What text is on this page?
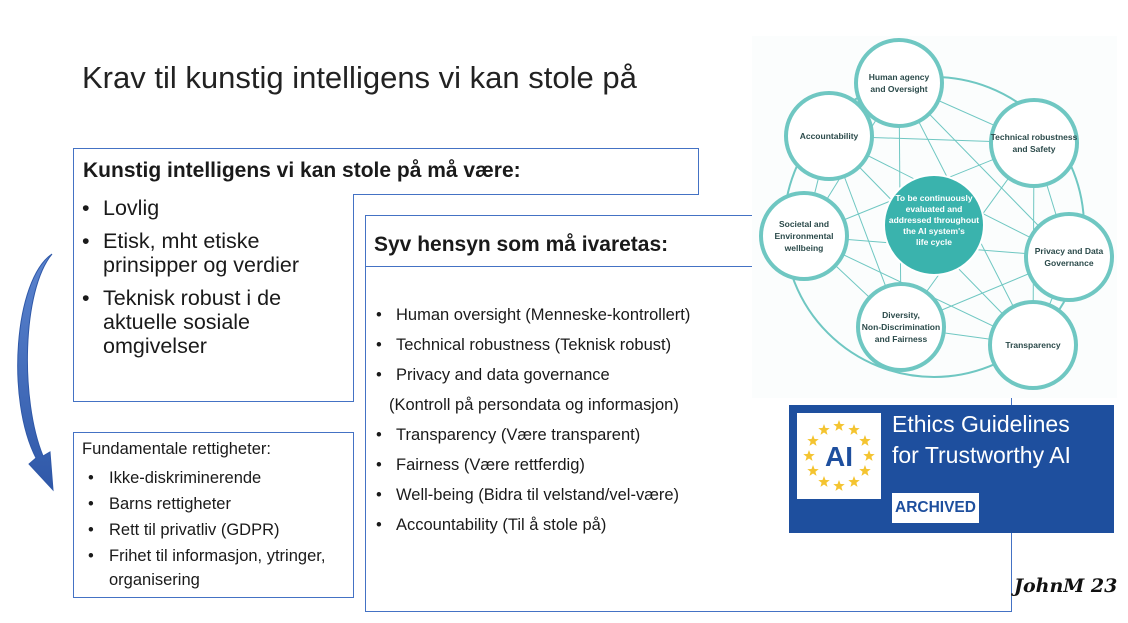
Krav til kunstig intelligens vi kan stole på
Kunstig intelligens vi kan stole på må være:
• Lovlig
• Etisk, mht etiske prinsipper og verdier
• Teknisk robust i de aktuelle sosiale omgivelser
Fundamentale rettigheter:
• Ikke-diskriminerende
• Barns rettigheter
• Rett til privatliv (GDPR)
• Frihet til informasjon, ytringer, organisering
Syv hensyn som må ivaretas:
• Human oversight (Menneske-kontrollert)
• Technical robustness (Teknisk robust)
• Privacy and data governance
(Kontroll på persondata og informasjon)
• Transparency (Være transparent)
• Fairness (Være rettferdig)
• Well-being (Bidra til velstand/vel-være)
• Accountability (Til å stole på)
To be continuously evaluated and addressed throughout the AI system's life cycle
Human agency and Oversight
Technical robustness and Safety
Privacy and Data Governance
Transparency
Diversity, Non-Discrimination and Fairness
Societal and Environmental wellbeing
Accountability
AI
Ethics Guidelines
for Trustworthy AI
ARCHIVED
JohnM 23
